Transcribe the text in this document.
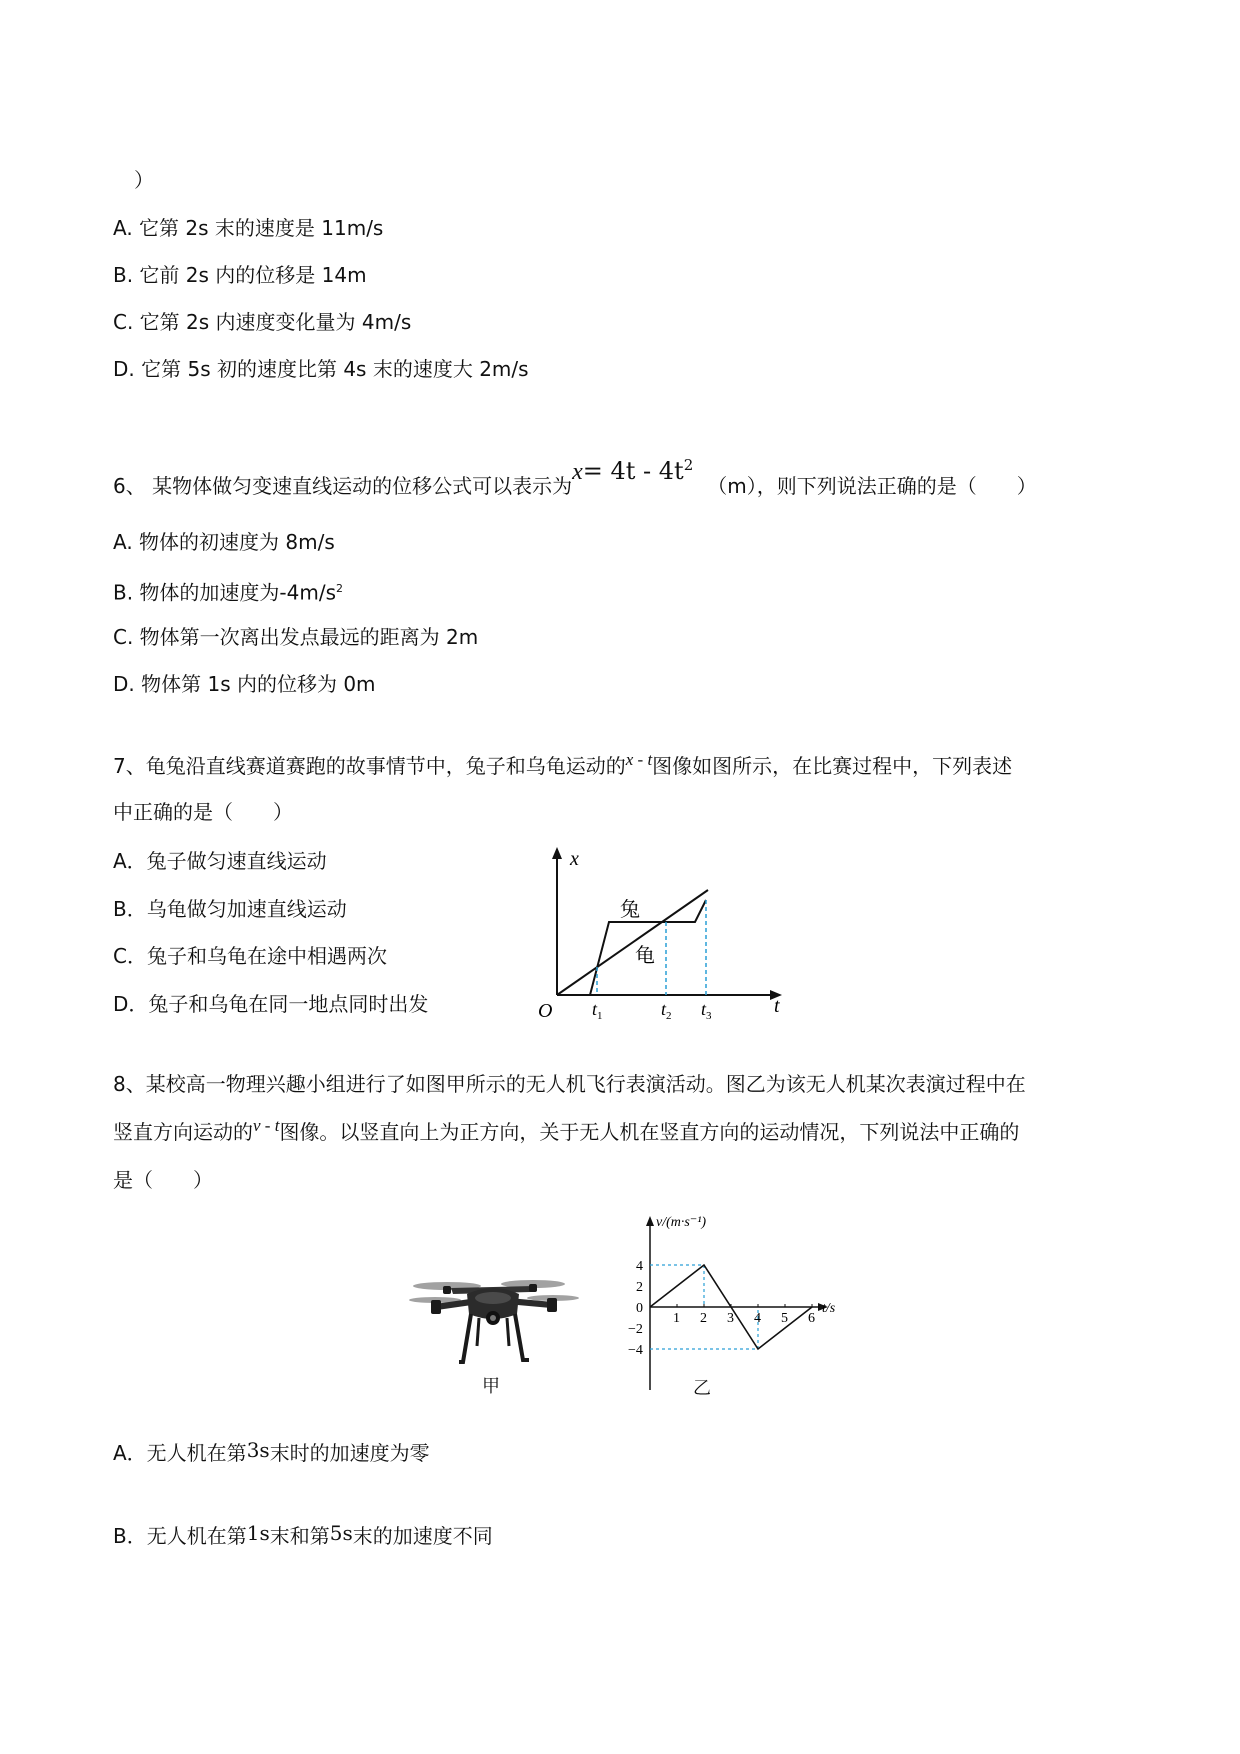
）
A. 它第 2s 末的速度是 11m/s
B. 它前 2s 内的位移是 14m
C. 它第 2s 内速度变化量为 4m/s
D. 它第 5s 初的速度比第 4s 末的速度大 2m/s
6、 某物体做匀变速直线运动的位移公式可以表示为$x= 4t - 4t^2(m)$，则下列说法正确的是（　　）
A. 物体的初速度为 8m/s
B. 物体的加速度为$-4m/s^2$
C. 物体第一次离出发点最远的距离为 2m
D. 物体第 1s 内的位移为 0m
7、龟兔沿直线赛道赛跑的故事情节中，兔子和乌龟运动的$^{x - t}$图像如图所示，在比赛过程中，下列表述
中正确的是（　　）
A．兔子做匀速直线运动
B．乌龟做匀加速直线运动
C．兔子和乌龟在途中相遇两次
D．兔子和乌龟在同一地点同时出发
x
t
O
兔
龟
$t_1$	$t_2$ $t_3$
8、某校高一物理兴趣小组进行了如图甲所示的无人机飞行表演活动。图乙为该无人机某次表演过程中在
竖直方向运动的$^{v - t}$图像。以竖直向上为正方向，关于无人机在竖直方向的运动情况，下列说法中正确的
是（　　）
甲
1 2 3 4 5 6
4
2
0
−2
−4
v/(m·s⁻¹)
t/s
乙
A．无人机在第3s末时的加速度为零
B．无人机在第1s末和第5s末的加速度不同
